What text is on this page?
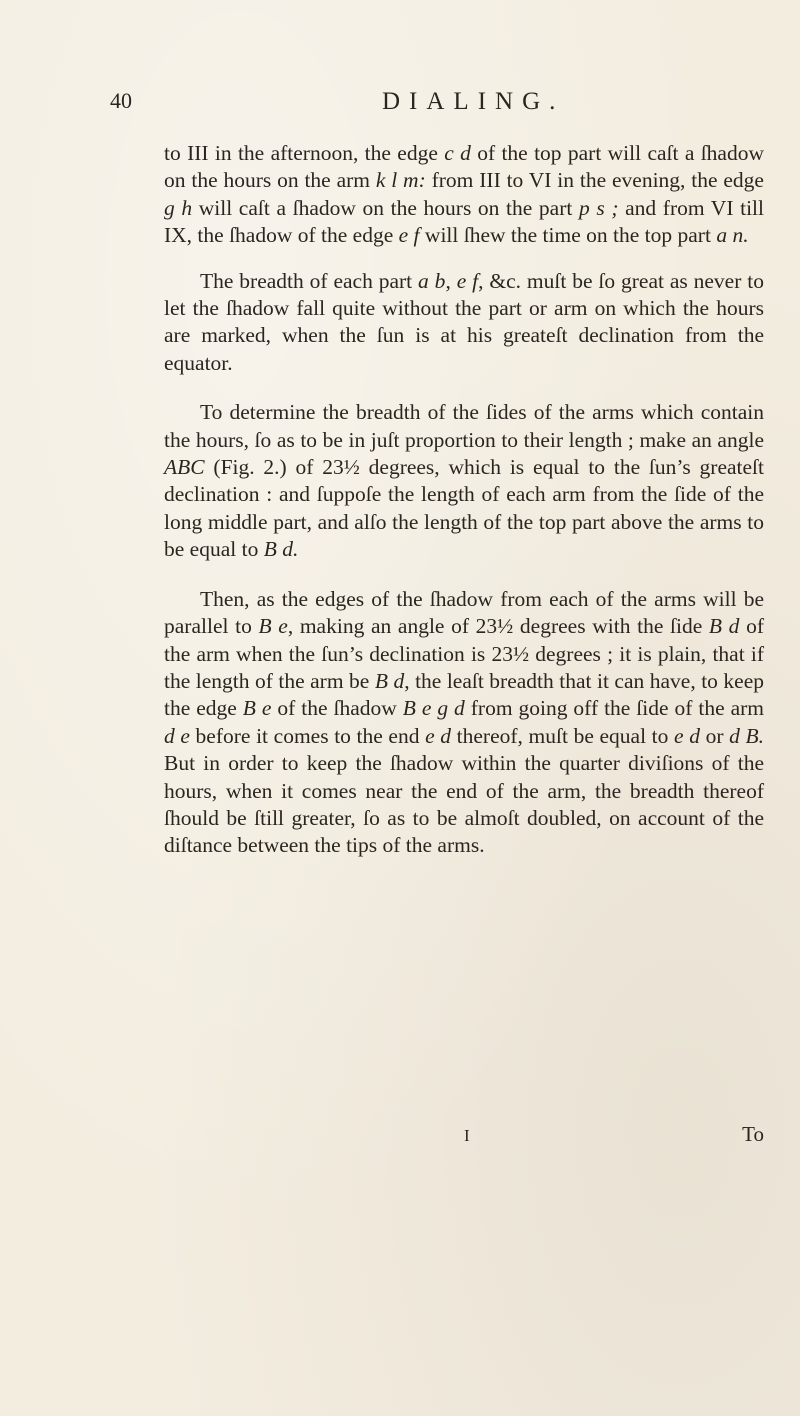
40	DIALING.

to III in the afternoon, the edge c d of the top part will caſt a ſhadow on the hours on the arm k l m: from III to VI in the evening, the edge g h will caſt a ſhadow on the hours on the part p s ; and from VI till IX, the ſhadow of the edge e f will ſhew the time on the top part a n.

The breadth of each part a b, e f, &c. muſt be ſo great as never to let the ſhadow fall quite without the part or arm on which the hours are marked, when the ſun is at his greateſt declination from the equator.

To determine the breadth of the ſides of the arms which contain the hours, ſo as to be in juſt proportion to their length ; make an angle ABC (Fig. 2.) of 23½ degrees, which is equal to the ſun’s greateſt declination : and ſuppoſe the length of each arm from the ſide of the long middle part, and alſo the length of the top part above the arms to be equal to B d.

Then, as the edges of the ſhadow from each of the arms will be parallel to B e, making an angle of 23½ degrees with the ſide B d of the arm when the ſun’s declination is 23½ degrees ; it is plain, that if the length of the arm be B d, the leaſt breadth that it can have, to keep the edge B e of the ſhadow B e g d from going off the ſide of the arm d e before it comes to the end e d thereof, muſt be equal to e d or d B. But in order to keep the ſhadow within the quarter diviſions of the hours, when it comes near the end of the arm, the breadth thereof ſhould be ſtill greater, ſo as to be almoſt doubled, on account of the diſtance between the tips of the arms.

I	To
